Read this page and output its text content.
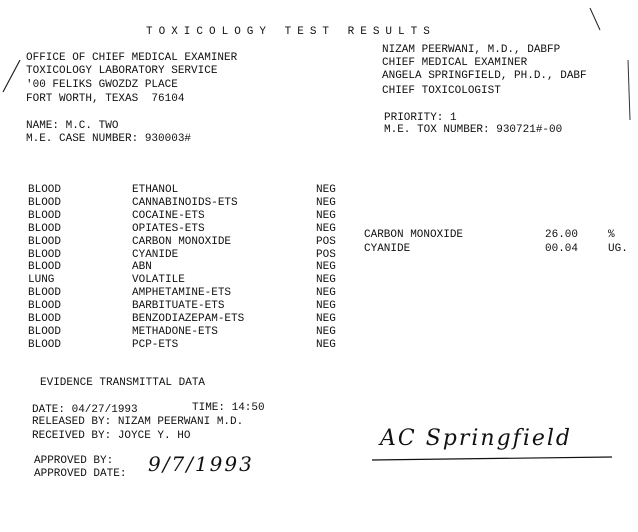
TOXICOLOGY TEST RESULTS
OFFICE OF CHIEF MEDICAL EXAMINER
TOXICOLOGY LABORATORY SERVICE
'00 FELIKS GWOZDZ PLACE
FORT WORTH, TEXAS  76104
NIZAM PEERWANI, M.D., DABFP
CHIEF MEDICAL EXAMINER
ANGELA SPRINGFIELD, PH.D., DABF
CHIEF TOXICOLOGIST
NAME: M.C. TWO
M.E. CASE NUMBER: 930003#
PRIORITY: 1
M.E. TOX NUMBER: 930721#-00
BLOOD	ETHANOL	NEG
BLOOD	CANNABINOIDS-ETS	NEG
BLOOD	COCAINE-ETS	NEG
BLOOD	OPIATES-ETS	NEG
BLOOD	CARBON MONOXIDE	POS
BLOOD	CYANIDE	POS
BLOOD	ABN	NEG
LUNG	VOLATILE	NEG
BLOOD	AMPHETAMINE-ETS	NEG
BLOOD	BARBITUATE-ETS	NEG
BLOOD	BENZODIAZEPAM-ETS	NEG
BLOOD	METHADONE-ETS	NEG
BLOOD	PCP-ETS	NEG
CARBON MONOXIDE	26.00	%
CYANIDE	00.04	UG.
EVIDENCE TRANSMITTAL DATA
DATE: 04/27/1993	TIME: 14:50
RELEASED BY: NIZAM PEERWANI M.D.
RECEIVED BY: JOYCE Y. HO
APPROVED BY:
APPROVED DATE: 9/7/1993
AC Springfield
